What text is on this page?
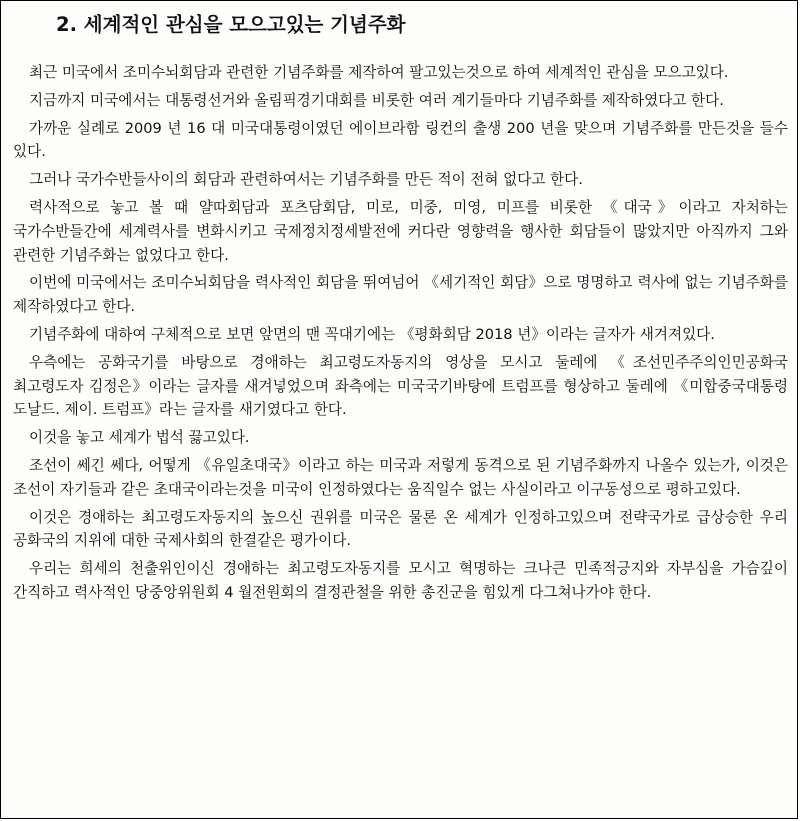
2. 세계적인 관심을 모으고있는 기념주화

최근 미국에서 조미수뇌회담과 관련한 기념주화를 제작하여 팔고있는것으로 하여 세계적인 관심을 모으고있다.

지금까지 미국에서는 대통령선거와 올림픽경기대회를 비롯한 여러 계기들마다 기념주화를 제작하였다고 한다.

가까운 실례로 2009 년 16 대 미국대통령이였던 에이브라함 링컨의 출생 200 년을 맞으며 기념주화를 만든것을 들수 있다.

그러나 국가수반들사이의 회담과 관련하여서는 기념주화를 만든 적이 전혀 없다고 한다.

력사적으로 놓고 볼 때 얄따회담과 포츠담회담, 미로, 미중, 미영, 미프를 비롯한 《대국》이라고 자처하는 국가수반들간에 세계력사를 변화시키고 국제정치정세발전에 커다란 영향력을 행사한 회담들이 많았지만 아직까지 그와 관련한 기념주화는 없었다고 한다.

이번에 미국에서는 조미수뇌회담을 력사적인 회담을 뛰여넘어 《세기적인 회담》으로 명명하고 력사에 없는 기념주화를 제작하였다고 한다.

기념주화에 대하여 구체적으로 보면 앞면의 맨 꼭대기에는 《평화회담 2018 년》이라는 글자가 새겨져있다.

우측에는 공화국기를 바탕으로 경애하는 최고령도자동지의 영상을 모시고 둘레에 《조선민주주의인민공화국 최고령도자 김정은》이라는 글자를 새겨넣었으며 좌측에는 미국국기바탕에 트럼프를 형상하고 둘레에 《미합중국대통령 도날드. 제이. 트럼프》라는 글자를 새기였다고 한다.

이것을 놓고 세계가 법석 끓고있다.

조선이 쎄긴 쎄다, 어떻게 《유일초대국》이라고 하는 미국과 저렇게 동격으로 된 기념주화까지 나올수 있는가, 이것은 조선이 자기들과 같은 초대국이라는것을 미국이 인정하였다는 움직일수 없는 사실이라고 이구동성으로 평하고있다.

이것은 경애하는 최고령도자동지의 높으신 권위를 미국은 물론 온 세계가 인정하고있으며 전략국가로 급상승한 우리 공화국의 지위에 대한 국제사회의 한결같은 평가이다.

우리는 희세의 천출위인이신 경애하는 최고령도자동지를 모시고 혁명하는 크나큰 민족적긍지와 자부심을 가슴깊이 간직하고 력사적인 당중앙위원회 4 월전원회의 결정관철을 위한 총진군을 힘있게 다그쳐나가야 한다.
